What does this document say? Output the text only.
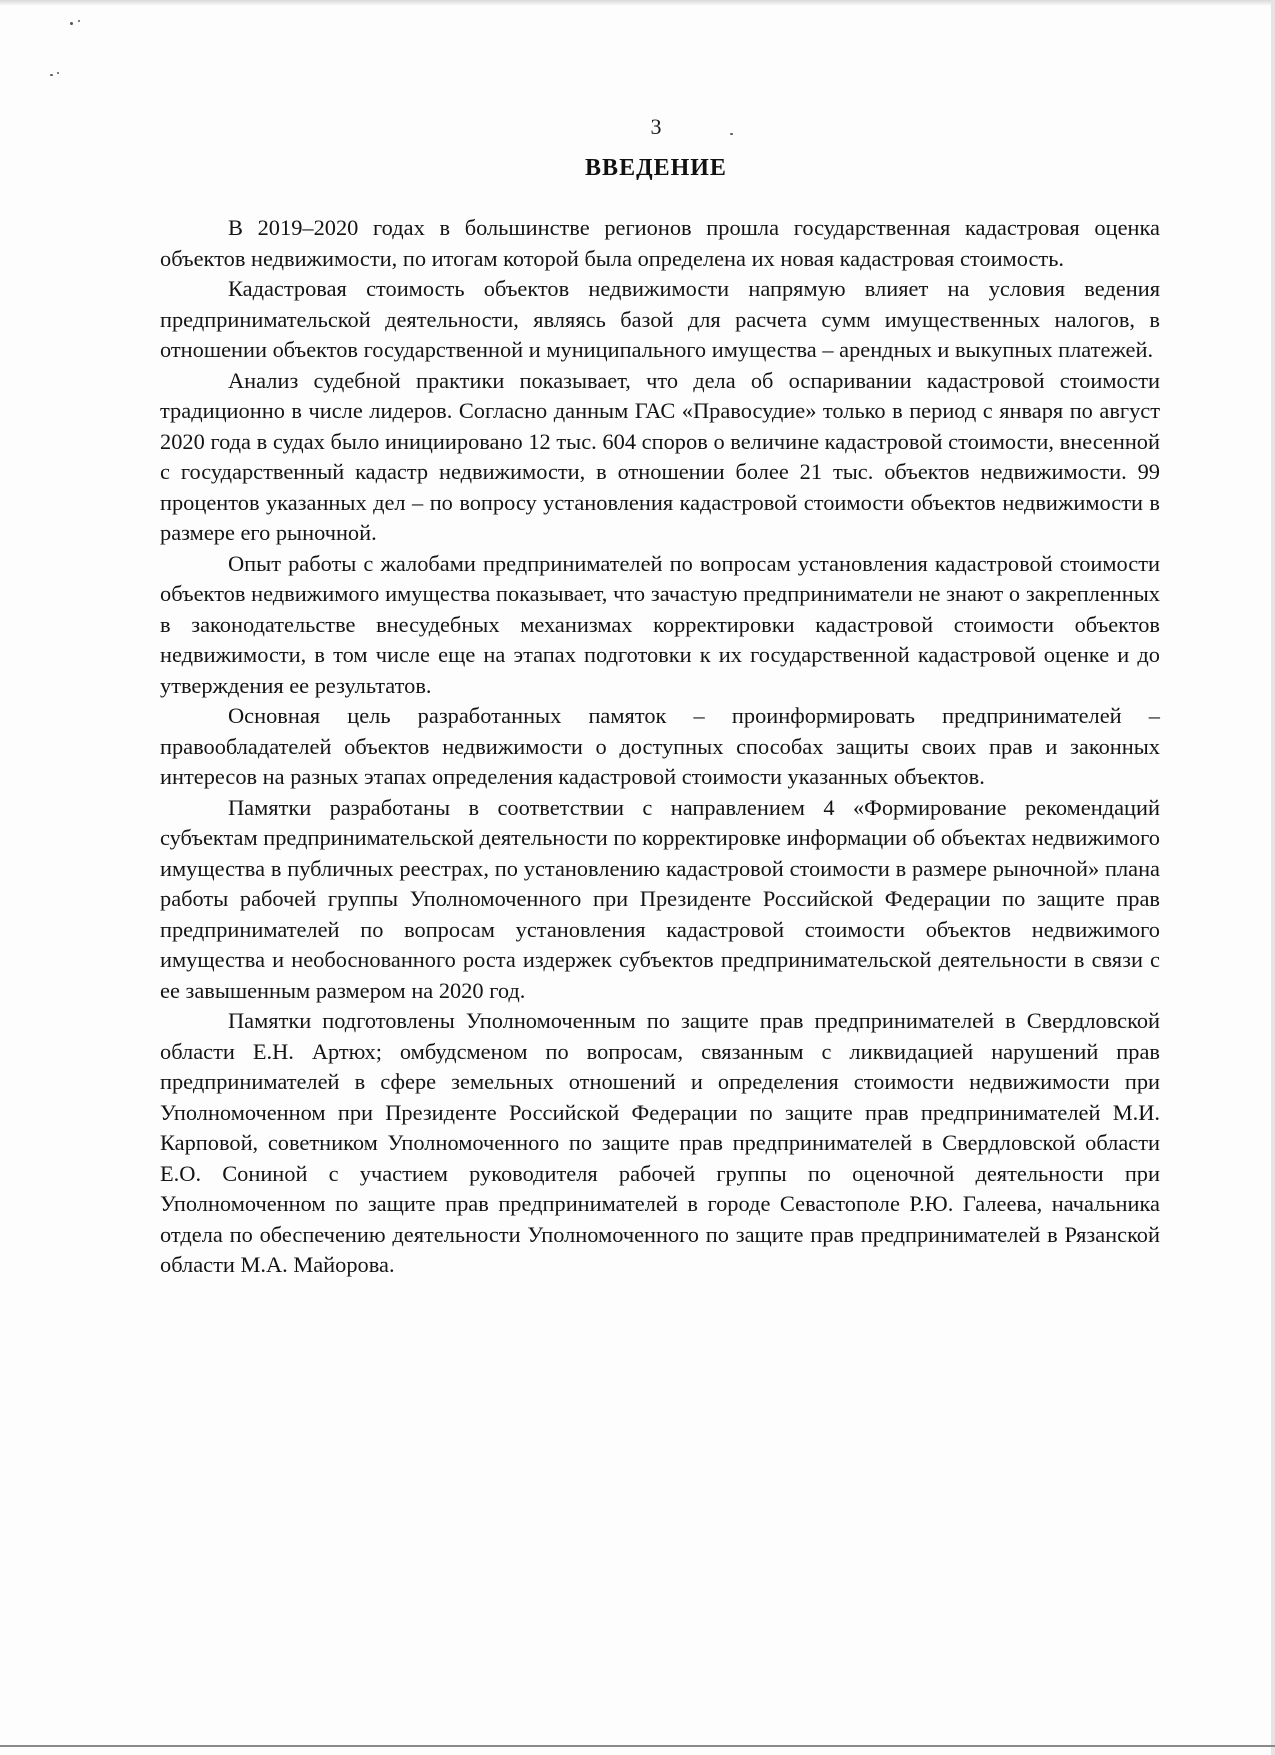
3
ВВЕДЕНИЕ

В 2019–2020 годах в большинстве регионов прошла государственная кадастровая оценка объектов недвижимости, по итогам которой была определена их новая кадастровая стоимость.

Кадастровая стоимость объектов недвижимости напрямую влияет на условия ведения предпринимательской деятельности, являясь базой для расчета сумм имущественных налогов, в отношении объектов государственной и муниципального имущества – арендных и выкупных платежей.

Анализ судебной практики показывает, что дела об оспаривании кадастровой стоимости традиционно в числе лидеров. Согласно данным ГАС «Правосудие» только в период с января по август 2020 года в судах было инициировано 12 тыс. 604 споров о величине кадастровой стоимости, внесенной с государственный кадастр недвижимости, в отношении более 21 тыс. объектов недвижимости. 99 процентов указанных дел – по вопросу установления кадастровой стоимости объектов недвижимости в размере его рыночной.

Опыт работы с жалобами предпринимателей по вопросам установления кадастровой стоимости объектов недвижимого имущества показывает, что зачастую предприниматели не знают о закрепленных в законодательстве внесудебных механизмах корректировки кадастровой стоимости объектов недвижимости, в том числе еще на этапах подготовки к их государственной кадастровой оценке и до утверждения ее результатов.

Основная цель разработанных памяток – проинформировать предпринимателей – правообладателей объектов недвижимости о доступных способах защиты своих прав и законных интересов на разных этапах определения кадастровой стоимости указанных объектов.

Памятки разработаны в соответствии с направлением 4 «Формирование рекомендаций субъектам предпринимательской деятельности по корректировке информации об объектах недвижимого имущества в публичных реестрах, по установлению кадастровой стоимости в размере рыночной» плана работы рабочей группы Уполномоченного при Президенте Российской Федерации по защите прав предпринимателей по вопросам установления кадастровой стоимости объектов недвижимого имущества и необоснованного роста издержек субъектов предпринимательской деятельности в связи с ее завышенным размером на 2020 год.

Памятки подготовлены Уполномоченным по защите прав предпринимателей в Свердловской области Е.Н. Артюх; омбудсменом по вопросам, связанным с ликвидацией нарушений прав предпринимателей в сфере земельных отношений и определения стоимости недвижимости при Уполномоченном при Президенте Российской Федерации по защите прав предпринимателей М.И. Карповой, советником Уполномоченного по защите прав предпринимателей в Свердловской области Е.О. Сониной с участием руководителя рабочей группы по оценочной деятельности при Уполномоченном по защите прав предпринимателей в городе Севастополе Р.Ю. Галеева, начальника отдела по обеспечению деятельности Уполномоченного по защите прав предпринимателей в Рязанской области М.А. Майорова.
